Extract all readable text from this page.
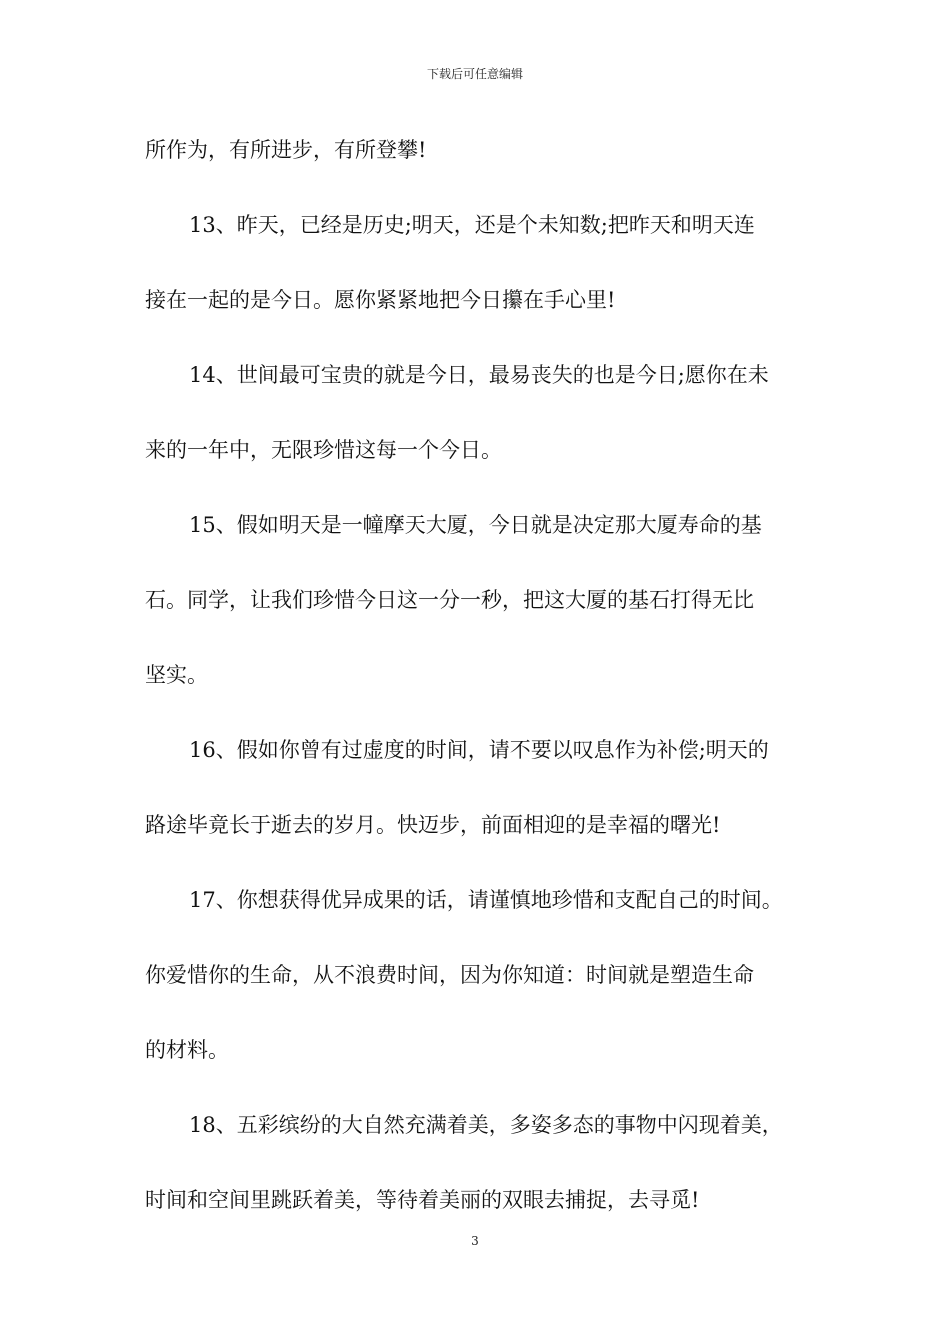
下载后可任意编辑
所作为，有所进步，有所登攀!
13、昨天，已经是历史;明天，还是个未知数;把昨天和明天连
接在一起的是今日。愿你紧紧地把今日攥在手心里!
14、世间最可宝贵的就是今日，最易丧失的也是今日;愿你在未
来的一年中，无限珍惜这每一个今日。
15、假如明天是一幢摩天大厦，今日就是决定那大厦寿命的基
石。同学，让我们珍惜今日这一分一秒，把这大厦的基石打得无比
坚实。
16、假如你曾有过虚度的时间，请不要以叹息作为补偿;明天的
路途毕竟长于逝去的岁月。快迈步，前面相迎的是幸福的曙光!
17、你想获得优异成果的话，请谨慎地珍惜和支配自己的时间。
你爱惜你的生命，从不浪费时间，因为你知道：时间就是塑造生命
的材料。
18、五彩缤纷的大自然充满着美，多姿多态的事物中闪现着美，
时间和空间里跳跃着美，等待着美丽的双眼去捕捉，去寻觅!
3
